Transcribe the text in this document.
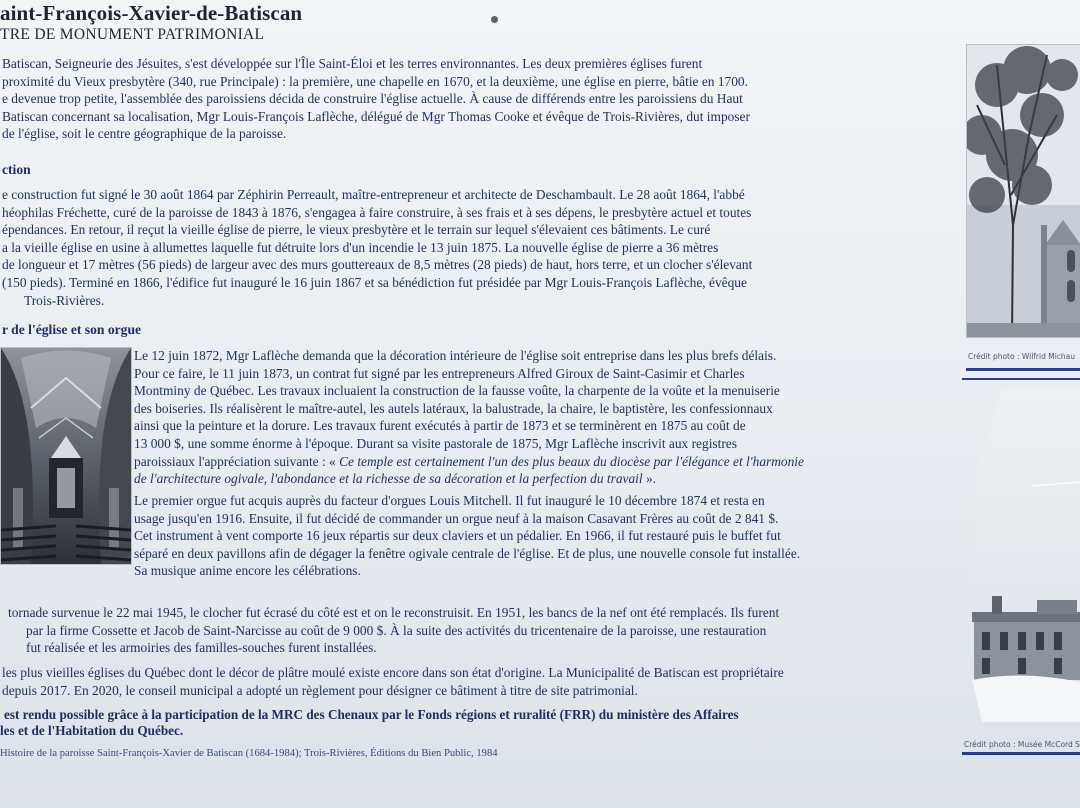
aint-François-Xavier-de-Batiscan
TRE DE MONUMENT PATRIMONIAL
Batiscan, Seigneurie des Jésuites, s'est développée sur l'Île Saint-Éloi et les terres environnantes. Les deux premières églises furent
proximité du Vieux presbytère (340, rue Principale) : la première, une chapelle en 1670, et la deuxième, une église en pierre, bâtie en 1700.
e devenue trop petite, l'assemblée des paroissiens décida de construire l'église actuelle. À cause de différends entre les paroissiens du Haut
Batiscan concernant sa localisation, Mgr Louis-François Laflèche, délégué de Mgr Thomas Cooke et évêque de Trois-Rivières, dut imposer
de l'église, soit le centre géographique de la paroisse.
ction
e construction fut signé le 30 août 1864 par Zéphirin Perreault, maître-entrepreneur et architecte de Deschambault. Le 28 août 1864, l'abbé
héophilas Fréchette, curé de la paroisse de 1843 à 1876, s'engagea à faire construire, à ses frais et à ses dépens, le presbytère actuel et toutes
épendances. En retour, il reçut la vieille église de pierre, le vieux presbytère et le terrain sur lequel s'élevaient ces bâtiments. Le curé
a la vieille église en usine à allumettes laquelle fut détruite lors d'un incendie le 13 juin 1875. La nouvelle église de pierre a 36 mètres
de longueur et 17 mètres (56 pieds) de largeur avec des murs gouttereaux de 8,5 mètres (28 pieds) de haut, hors terre, et un clocher s'élevant
(150 pieds). Terminé en 1866, l'édifice fut inauguré le 16 juin 1867 et sa bénédiction fut présidée par Mgr Louis-François Laflèche, évêque
Trois-Rivières.
r de l'église et son orgue
Le 12 juin 1872, Mgr Laflèche demanda que la décoration intérieure de l'église soit entreprise dans les plus brefs délais.
Pour ce faire, le 11 juin 1873, un contrat fut signé par les entrepreneurs Alfred Giroux de Saint-Casimir et Charles
Montminy de Québec. Les travaux incluaient la construction de la fausse voûte, la charpente de la voûte et la menuiserie
des boiseries. Ils réalisèrent le maître-autel, les autels latéraux, la balustrade, la chaire, le baptistère, les confessionnaux
ainsi que la peinture et la dorure. Les travaux furent exécutés à partir de 1873 et se terminèrent en 1875 au coût de
13 000 $, une somme énorme à l'époque. Durant sa visite pastorale de 1875, Mgr Laflèche inscrivit aux registres
paroissiaux l'appréciation suivante : « Ce temple est certainement l'un des plus beaux du diocèse par l'élégance et l'harmonie
de l'architecture ogivale, l'abondance et la richesse de sa décoration et la perfection du travail ».
Le premier orgue fut acquis auprès du facteur d'orgues Louis Mitchell. Il fut inauguré le 10 décembre 1874 et resta en
usage jusqu'en 1916. Ensuite, il fut décidé de commander un orgue neuf à la maison Casavant Frères au coût de 2 841 $.
Cet instrument à vent comporte 16 jeux répartis sur deux claviers et un pédalier. En 1966, il fut restauré puis le buffet fut
séparé en deux pavillons afin de dégager la fenêtre ogivale centrale de l'église. Et de plus, une nouvelle console fut installée.
Sa musique anime encore les célébrations.
tornade survenue le 22 mai 1945, le clocher fut écrasé du côté est et on le reconstruisit. En 1951, les bancs de la nef ont été remplacés. Ils furent
par la firme Cossette et Jacob de Saint-Narcisse au coût de 9 000 $. À la suite des activités du tricentenaire de la paroisse, une restauration
fut réalisée et les armoiries des familles-souches furent installées.
les plus vieilles églises du Québec dont le décor de plâtre moulé existe encore dans son état d'origine. La Municipalité de Batiscan est propriétaire
depuis 2017. En 2020, le conseil municipal a adopté un règlement pour désigner ce bâtiment à titre de site patrimonial.
est rendu possible grâce à la participation de la MRC des Chenaux par le Fonds régions et ruralité (FRR) du ministère des Affaires
les et de l'Habitation du Québec.
Histoire de la paroisse Saint-François-Xavier de Batiscan (1684-1984); Trois-Rivières, Éditions du Bien Public, 1984
Crédit photo : Wilfrid Michau
Crédit photo : Musée McCord S
